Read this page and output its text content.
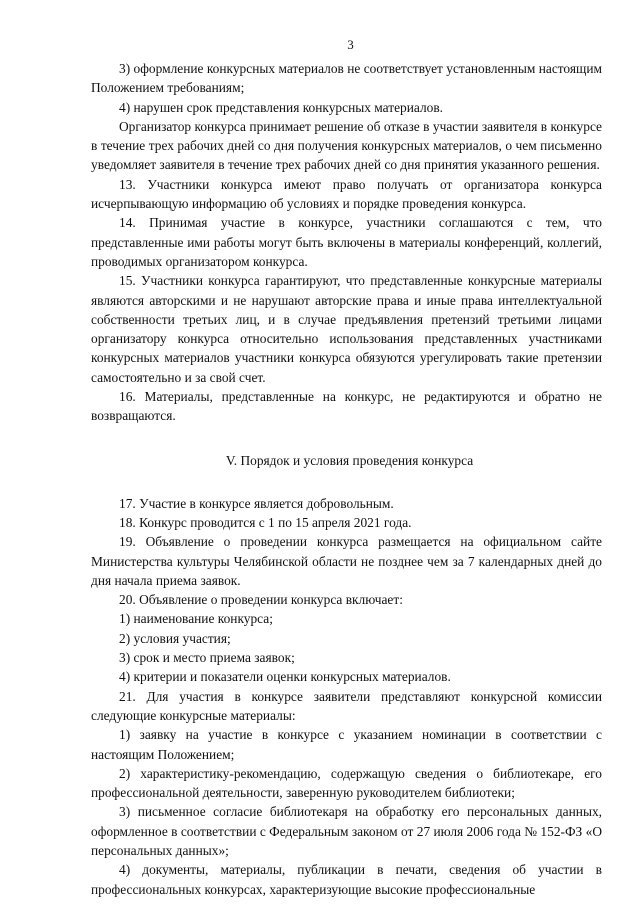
3

3) оформление конкурсных материалов не соответствует установленным настоящим Положением требованиям;

4) нарушен срок представления конкурсных материалов.

Организатор конкурса принимает решение об отказе в участии заявителя в конкурсе в течение трех рабочих дней со дня получения конкурсных материалов, о чем письменно уведомляет заявителя в течение трех рабочих дней со дня принятия указанного решения.

13. Участники конкурса имеют право получать от организатора конкурса исчерпывающую информацию об условиях и порядке проведения конкурса.

14. Принимая участие в конкурсе, участники соглашаются с тем, что представленные ими работы могут быть включены в материалы конференций, коллегий, проводимых организатором конкурса.

15. Участники конкурса гарантируют, что представленные конкурсные материалы являются авторскими и не нарушают авторские права и иные права интеллектуальной собственности третьих лиц, и в случае предъявления претензий третьими лицами организатору конкурса относительно использования представленных участниками конкурсных материалов участники конкурса обязуются урегулировать такие претензии самостоятельно и за свой счет.

16. Материалы, представленные на конкурс, не редактируются и обратно не возвращаются.

V. Порядок и условия проведения конкурса

17. Участие в конкурсе является добровольным.

18. Конкурс проводится с 1 по 15 апреля 2021 года.

19. Объявление о проведении конкурса размещается на официальном сайте Министерства культуры Челябинской области не позднее чем за 7 календарных дней до дня начала приема заявок.

20. Объявление о проведении конкурса включает:

1) наименование конкурса;

2) условия участия;

3) срок и место приема заявок;

4) критерии и показатели оценки конкурсных материалов.

21. Для участия в конкурсе заявители представляют конкурсной комиссии следующие конкурсные материалы:

1) заявку на участие в конкурсе с указанием номинации в соответствии с настоящим Положением;

2) характеристику-рекомендацию, содержащую сведения о библиотекаре, его профессиональной деятельности, заверенную руководителем библиотеки;

3) письменное согласие библиотекаря на обработку его персональных данных, оформленное в соответствии с Федеральным законом от 27 июля 2006 года № 152-ФЗ «О персональных данных»;

4) документы, материалы, публикации в печати, сведения об участии в профессиональных конкурсах, характеризующие высокие профессиональные
